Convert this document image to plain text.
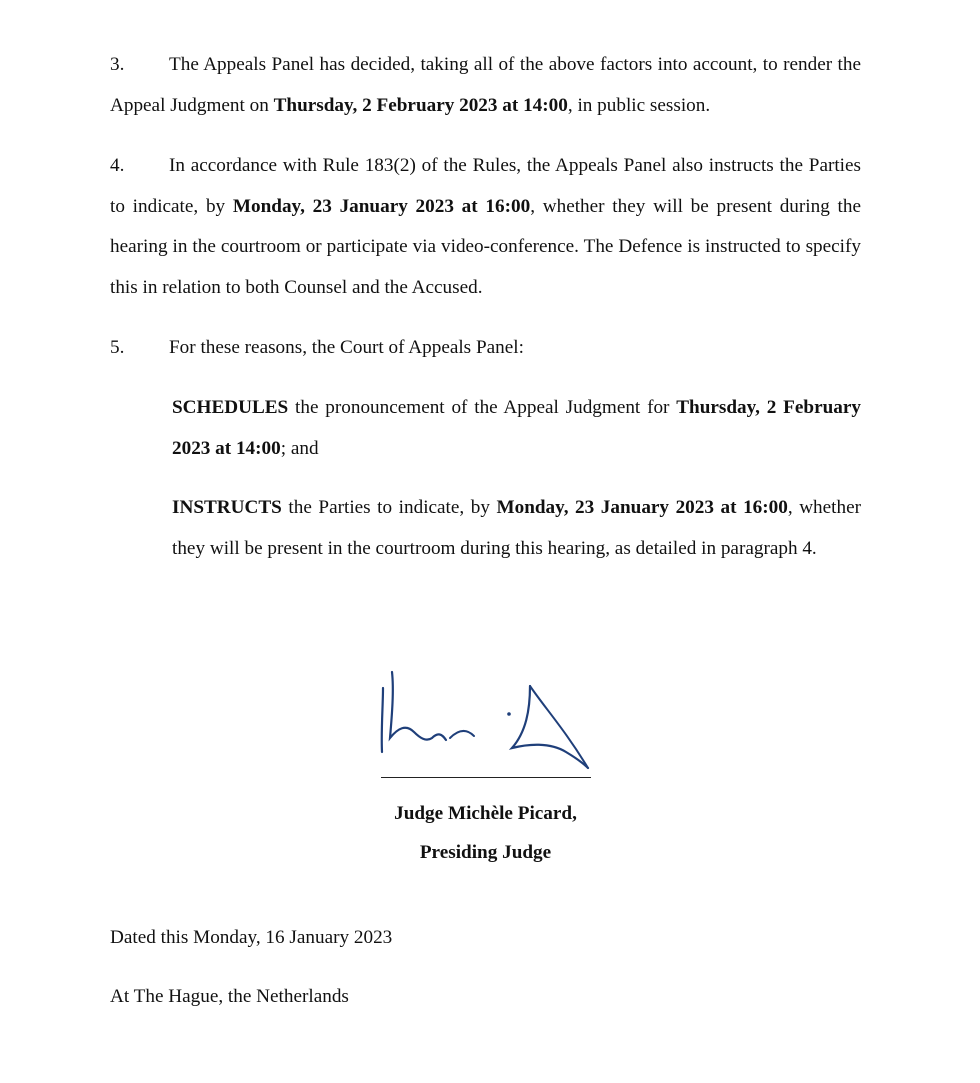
3. The Appeals Panel has decided, taking all of the above factors into account, to render the Appeal Judgment on Thursday, 2 February 2023 at 14:00, in public session.

4. In accordance with Rule 183(2) of the Rules, the Appeals Panel also instructs the Parties to indicate, by Monday, 23 January 2023 at 16:00, whether they will be present during the hearing in the courtroom or participate via video-conference. The Defence is instructed to specify this in relation to both Counsel and the Accused.

5. For these reasons, the Court of Appeals Panel:

SCHEDULES the pronouncement of the Appeal Judgment for Thursday, 2 February 2023 at 14:00; and

INSTRUCTS the Parties to indicate, by Monday, 23 January 2023 at 16:00, whether they will be present in the courtroom during this hearing, as detailed in paragraph 4.

Judge Michèle Picard,

Presiding Judge

Dated this Monday, 16 January 2023

At The Hague, the Netherlands
